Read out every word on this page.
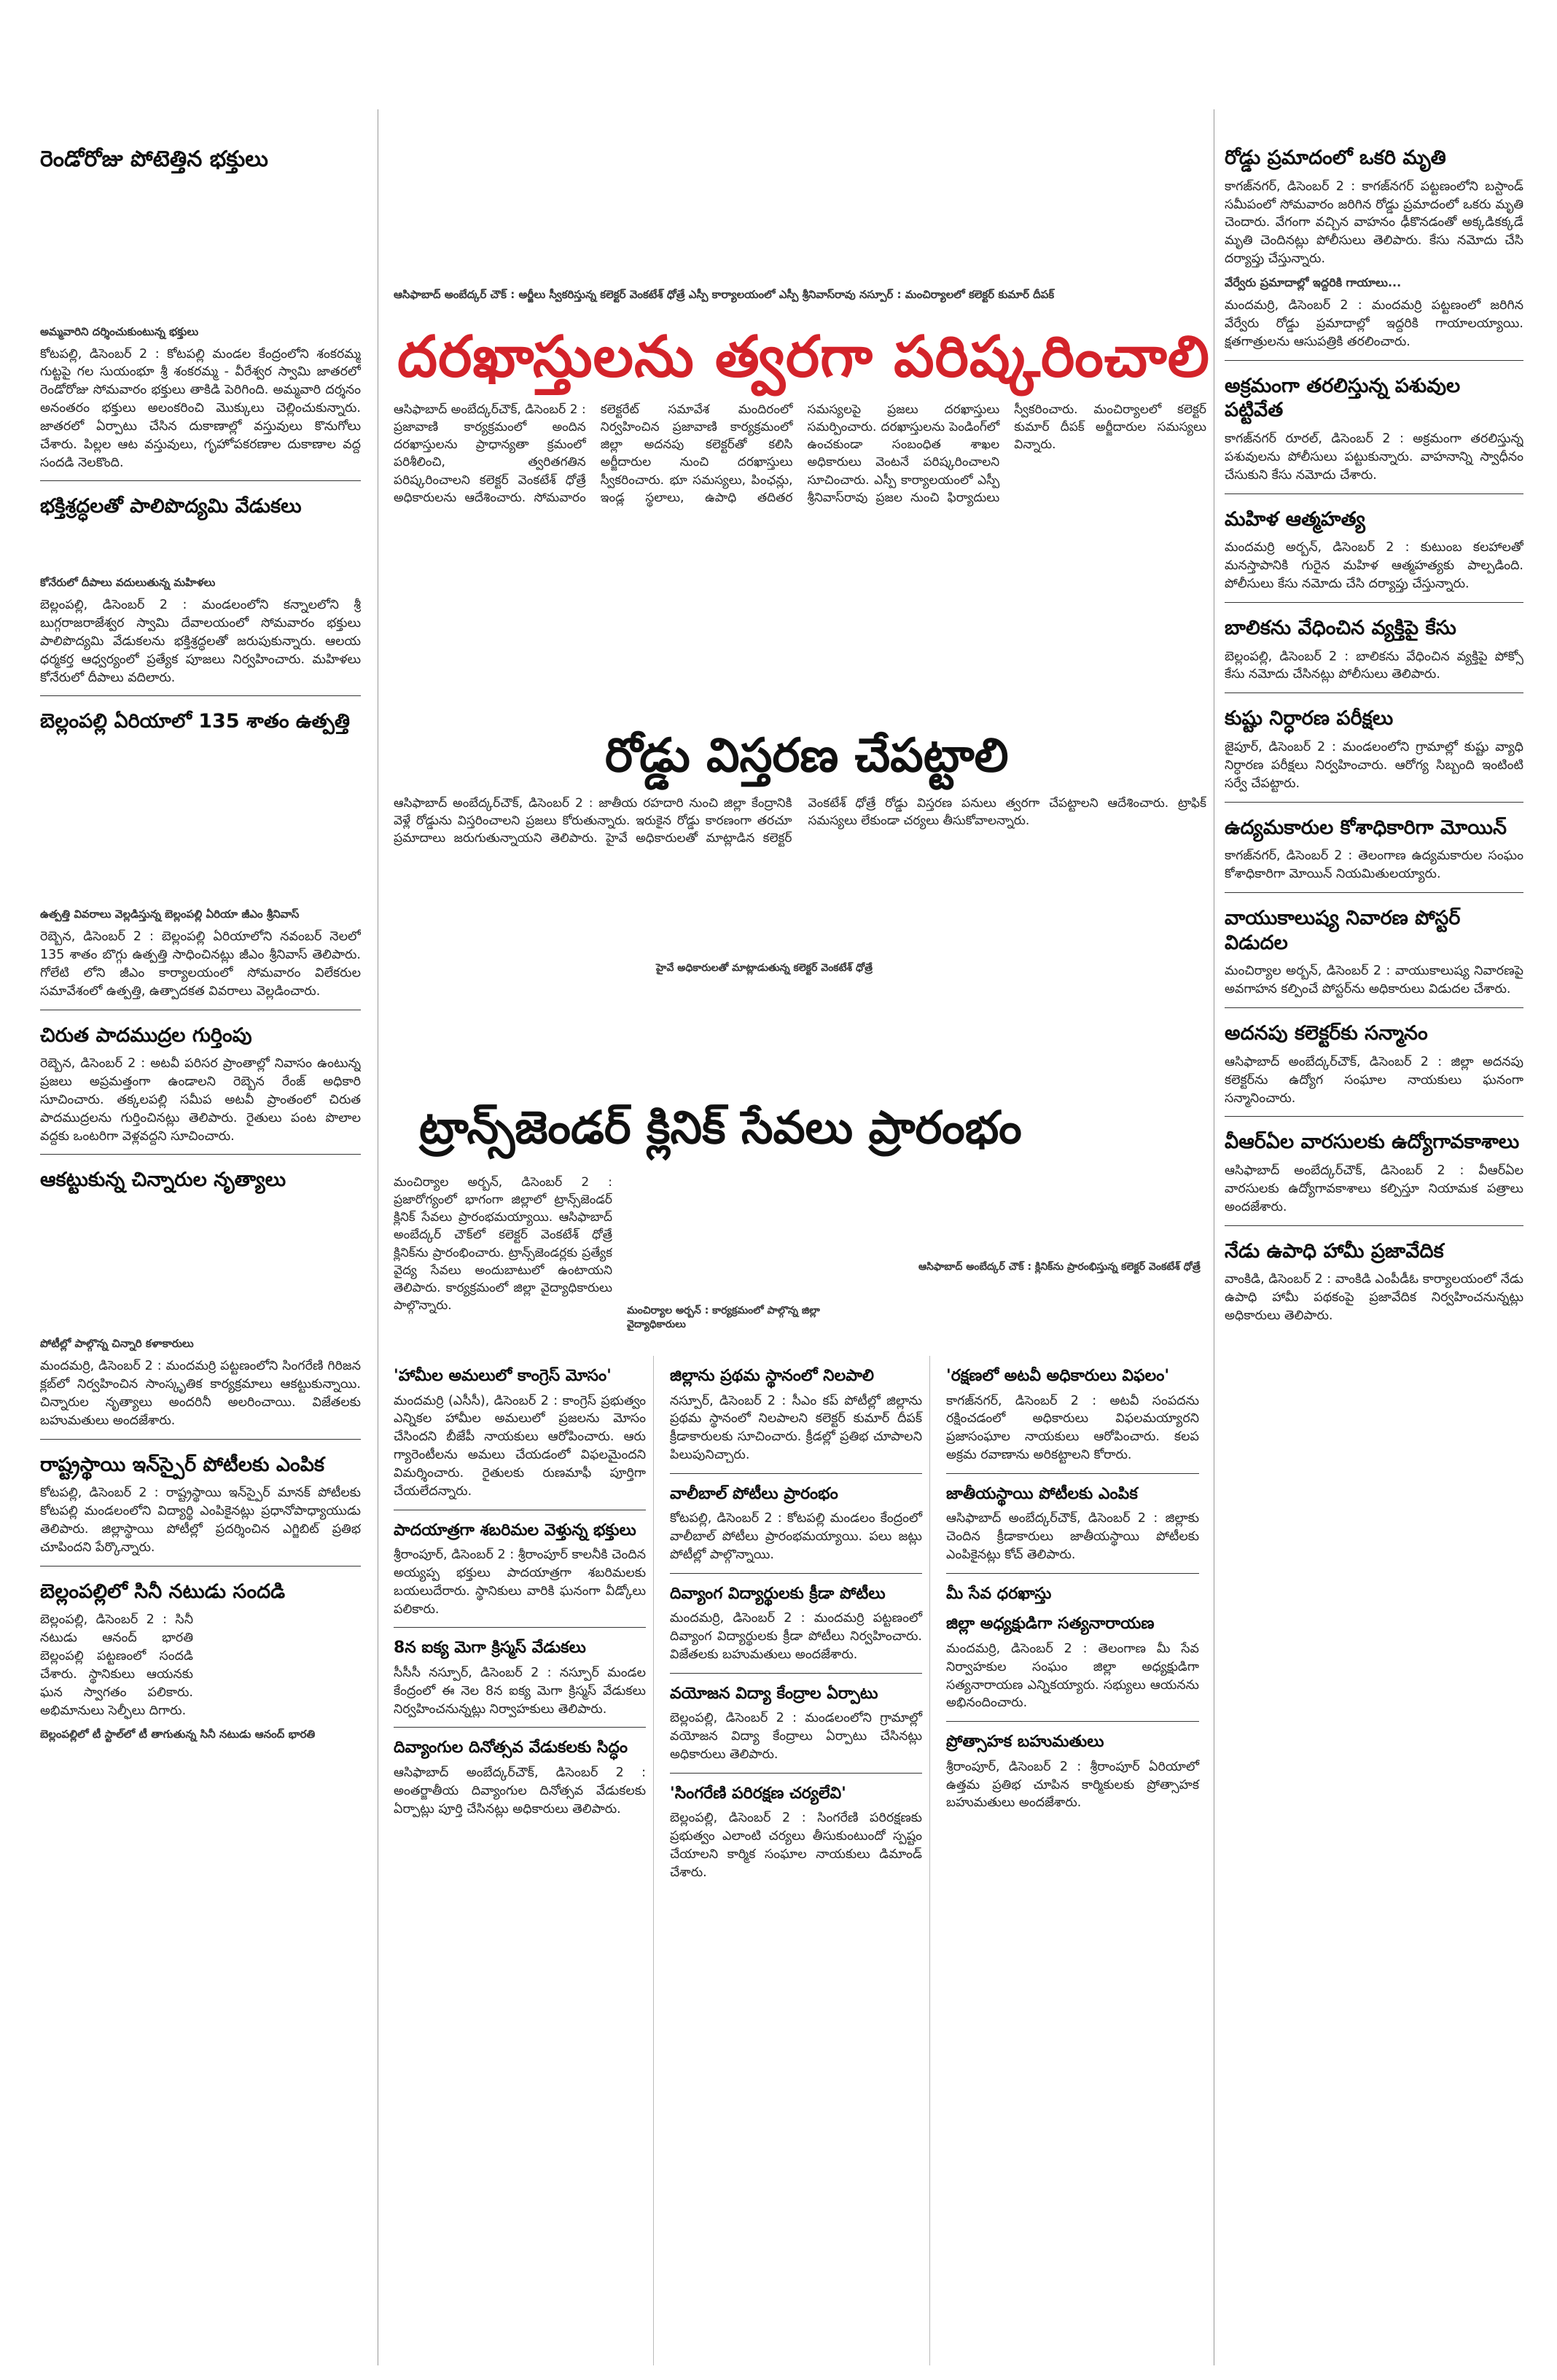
రెండోరోజు పోటెత్తిన భక్తులు
అమ్మవారిని దర్శించుకుంటున్న భక్తులు

కోటపల్లి, డిసెంబర్ 2 : కోటపల్లి మండల కేంద్రంలోని శంకరమ్మ గుట్టపై గల సుయంభూ శ్రీ శంకరమ్మ - వీరేశ్వర స్వామి జాతరలో రెండోరోజు సోమవారం భక్తులు తాకిడి పెరిగింది. అమ్మవారి దర్శనం అనంతరం భక్తులు అలంకరించి మొక్కులు చెల్లించుకున్నారు. జాతరలో ఏర్పాటు చేసిన దుకాణాల్లో వస్తువులు కొనుగోలు చేశారు. పిల్లల ఆట వస్తువులు, గృహోపకరణాల దుకాణాల వద్ద సందడి నెలకొంది.

భక్తిశ్రద్ధలతో పాలిపొద్యమి వేడుకలు
కోనేరులో దీపాలు వదులుతున్న మహిళలు

బెల్లంపల్లి, డిసెంబర్ 2 : మండలంలోని కన్నాలలోని శ్రీ బుగ్గరాజరాజేశ్వర స్వామి దేవాలయంలో సోమవారం భక్తులు పాలిపొద్యమి వేడుకలను భక్తిశ్రద్ధలతో జరుపుకున్నారు. ఆలయ ధర్మకర్త ఆధ్వర్యంలో ప్రత్యేక పూజలు నిర్వహించారు. మహిళలు కోనేరులో దీపాలు వదిలారు.

బెల్లంపల్లి ఏరియాలో 135 శాతం ఉత్పత్తి
ఉత్పత్తి వివరాలు వెల్లడిస్తున్న బెల్లంపల్లి ఏరియా జీఎం శ్రీనివాస్

రెబ్బెన, డిసెంబర్ 2 : బెల్లంపల్లి ఏరియాలోని నవంబర్ నెలలో 135 శాతం బొగ్గు ఉత్పత్తి సాధించినట్లు జీఎం శ్రీనివాస్ తెలిపారు. గోలేటి లోని జీఎం కార్యాలయంలో సోమవారం విలేకరుల సమావేశంలో ఉత్పత్తి, ఉత్పాదకత వివరాలు వెల్లడించారు.

చిరుత పాదముద్రల గుర్తింపు

రెబ్బెన, డిసెంబర్ 2 : అటవీ పరిసర ప్రాంతాల్లో నివాసం ఉంటున్న ప్రజలు అప్రమత్తంగా ఉండాలని రెబ్బెన రేంజ్ అధికారి సూచించారు. తక్కలపల్లి సమీప అటవీ ప్రాంతంలో చిరుత పాదముద్రలను గుర్తించినట్లు తెలిపారు. రైతులు పంట పొలాల వద్దకు ఒంటరిగా వెళ్లవద్దని సూచించారు.

ఆకట్టుకున్న చిన్నారుల నృత్యాలు
పోటీల్లో పాల్గొన్న చిన్నారి కళాకారులు

మందమర్రి, డిసెంబర్ 2 : మందమర్రి పట్టణంలోని సింగరేణి గిరిజన క్లబ్‌లో నిర్వహించిన సాంస్కృతిక కార్యక్రమాలు ఆకట్టుకున్నాయి. చిన్నారుల నృత్యాలు అందరినీ అలరించాయి. విజేతలకు బహుమతులు అందజేశారు.

రాష్ట్రస్థాయి ఇన్‌స్పైర్ పోటీలకు ఎంపిక

కోటపల్లి, డిసెంబర్ 2 : రాష్ట్రస్థాయి ఇన్‌స్పైర్ మానక్ పోటీలకు కోటపల్లి మండలంలోని విద్యార్థి ఎంపికైనట్లు ప్రధానోపాధ్యాయుడు తెలిపారు. జిల్లాస్థాయి పోటీల్లో ప్రదర్శించిన ఎగ్జిబిట్ ప్రతిభ చూపిందని పేర్కొన్నారు.

బెల్లంపల్లిలో సినీ నటుడు సందడి

బెల్లంపల్లి, డిసెంబర్ 2 : సినీ నటుడు ఆనంద్ భారతి బెల్లంపల్లి పట్టణంలో సందడి చేశారు. స్థానికులు ఆయనకు ఘన స్వాగతం పలికారు. అభిమానులు సెల్ఫీలు దిగారు.

బెల్లంపల్లిలో టీ స్టాల్‌లో టీ తాగుతున్న సినీ నటుడు ఆనంద్ భారతి
ఆసిఫాబాద్ అంబేద్కర్ చౌక్ : అర్జీలు స్వీకరిస్తున్న కలెక్టర్ వెంకటేశ్ ధోత్రే ఎస్పీ కార్యాలయంలో ఎస్పీ శ్రీనివాస్‌రావు నస్పూర్ : మంచిర్యాలలో కలెక్టర్ కుమార్ దీపక్
దరఖాస్తులను త్వరగా పరిష్కరించాలి
ఆసిఫాబాద్ అంబేద్కర్‌చౌక్, డిసెంబర్ 2 : ప్రజావాణి కార్యక్రమంలో అందిన దరఖాస్తులను ప్రాధాన్యతా క్రమంలో పరిశీలించి, త్వరితగతిన పరిష్కరించాలని కలెక్టర్ వెంకటేశ్ ధోత్రే అధికారులను ఆదేశించారు. సోమవారం కలెక్టరేట్ సమావేశ మందిరంలో నిర్వహించిన ప్రజావాణి కార్యక్రమంలో జిల్లా అదనపు కలెక్టర్‌తో కలిసి అర్జీదారుల నుంచి దరఖాస్తులు స్వీకరించారు. భూ సమస్యలు, పింఛన్లు, ఇండ్ల స్థలాలు, ఉపాధి తదితర సమస్యలపై ప్రజలు దరఖాస్తులు సమర్పించారు. దరఖాస్తులను పెండింగ్‌లో ఉంచకుండా సంబంధిత శాఖల అధికారులు వెంటనే పరిష్కరించాలని సూచించారు. ఎస్పీ కార్యాలయంలో ఎస్పీ శ్రీనివాస్‌రావు ప్రజల నుంచి ఫిర్యాదులు స్వీకరించారు. మంచిర్యాలలో కలెక్టర్ కుమార్ దీపక్ అర్జీదారుల సమస్యలు విన్నారు.
రోడ్డు విస్తరణ చేపట్టాలి
ఆసిఫాబాద్ అంబేద్కర్‌చౌక్, డిసెంబర్ 2 : జాతీయ రహదారి నుంచి జిల్లా కేంద్రానికి వెళ్లే రోడ్డును విస్తరించాలని ప్రజలు కోరుతున్నారు. ఇరుకైన రోడ్డు కారణంగా తరచూ ప్రమాదాలు జరుగుతున్నాయని తెలిపారు. హైవే అధికారులతో మాట్లాడిన కలెక్టర్ వెంకటేశ్ ధోత్రే రోడ్డు విస్తరణ పనులు త్వరగా చేపట్టాలని ఆదేశించారు. ట్రాఫిక్ సమస్యలు లేకుండా చర్యలు తీసుకోవాలన్నారు.
హైవే అధికారులతో మాట్లాడుతున్న కలెక్టర్ వెంకటేశ్ ధోత్రే
ట్రాన్స్‌జెండర్ క్లినిక్ సేవలు ప్రారంభం
మంచిర్యాల అర్బన్, డిసెంబర్ 2 : ప్రజారోగ్యంలో భాగంగా జిల్లాలో ట్రాన్స్‌జెండర్ క్లినిక్ సేవలు ప్రారంభమయ్యాయి. ఆసిఫాబాద్ అంబేద్కర్ చౌక్‌లో కలెక్టర్ వెంకటేశ్ ధోత్రే క్లినిక్‌ను ప్రారంభించారు. ట్రాన్స్‌జెండర్లకు ప్రత్యేక వైద్య సేవలు అందుబాటులో ఉంటాయని తెలిపారు. కార్యక్రమంలో జిల్లా వైద్యాధికారులు పాల్గొన్నారు.	మంచిర్యాల అర్బన్ : కార్యక్రమంలో పాల్గొన్న జిల్లా వైద్యాధికారులు
ఆసిఫాబాద్ అంబేద్కర్ చౌక్ : క్లినిక్‌ను ప్రారంభిస్తున్న కలెక్టర్ వెంకటేశ్ ధోత్రే
'హామీల అమలులో కాంగ్రెస్ మోసం'

మందమర్రి (ఎసీసీ), డిసెంబర్ 2 : కాంగ్రెస్ ప్రభుత్వం ఎన్నికల హామీల అమలులో ప్రజలను మోసం చేసిందని బీజేపీ నాయకులు ఆరోపించారు. ఆరు గ్యారెంటీలను అమలు చేయడంలో విఫలమైందని విమర్శించారు. రైతులకు రుణమాఫీ పూర్తిగా చేయలేదన్నారు.

పాదయాత్రగా శబరిమల వెళ్తున్న భక్తులు

శ్రీరాంపూర్, డిసెంబర్ 2 : శ్రీరాంపూర్ కాలనీకి చెందిన అయ్యప్ప భక్తులు పాదయాత్రగా శబరిమలకు బయలుదేరారు. స్థానికులు వారికి ఘనంగా వీడ్కోలు పలికారు.

8న ఐక్య మెగా క్రిస్మస్ వేడుకలు

సీసీసీ నస్పూర్, డిసెంబర్ 2 : నస్పూర్ మండల కేంద్రంలో ఈ నెల 8న ఐక్య మెగా క్రిస్మస్ వేడుకలు నిర్వహించనున్నట్లు నిర్వాహకులు తెలిపారు.

దివ్యాంగుల దినోత్సవ వేడుకలకు సిద్ధం

ఆసిఫాబాద్ అంబేద్కర్‌చౌక్, డిసెంబర్ 2 : అంతర్జాతీయ దివ్యాంగుల దినోత్సవ వేడుకలకు ఏర్పాట్లు పూర్తి చేసినట్లు అధికారులు తెలిపారు.

జిల్లాను ప్రథమ స్థానంలో నిలపాలి

నస్పూర్, డిసెంబర్ 2 : సీఎం కప్ పోటీల్లో జిల్లాను ప్రథమ స్థానంలో నిలపాలని కలెక్టర్ కుమార్ దీపక్ క్రీడాకారులకు సూచించారు. క్రీడల్లో ప్రతిభ చూపాలని పిలుపునిచ్చారు.

వాలీబాల్ పోటీలు ప్రారంభం

కోటపల్లి, డిసెంబర్ 2 : కోటపల్లి మండలం కేంద్రంలో వాలీబాల్ పోటీలు ప్రారంభమయ్యాయి. పలు జట్లు పోటీల్లో పాల్గొన్నాయి.

దివ్యాంగ విద్యార్థులకు క్రీడా పోటీలు

మందమర్రి, డిసెంబర్ 2 : మందమర్రి పట్టణంలో దివ్యాంగ విద్యార్థులకు క్రీడా పోటీలు నిర్వహించారు. విజేతలకు బహుమతులు అందజేశారు.

వయోజన విద్యా కేంద్రాల ఏర్పాటు

బెల్లంపల్లి, డిసెంబర్ 2 : మండలంలోని గ్రామాల్లో వయోజన విద్యా కేంద్రాలు ఏర్పాటు చేసినట్లు అధికారులు తెలిపారు.

'సింగరేణి పరిరక్షణ చర్యలేవి'

బెల్లంపల్లి, డిసెంబర్ 2 : సింగరేణి పరిరక్షణకు ప్రభుత్వం ఎలాంటి చర్యలు తీసుకుంటుందో స్పష్టం చేయాలని కార్మిక సంఘాల నాయకులు డిమాండ్ చేశారు.

'రక్షణలో అటవీ అధికారులు విఫలం'

కాగజ్‌నగర్, డిసెంబర్ 2 : అటవీ సంపదను రక్షించడంలో అధికారులు విఫలమయ్యారని ప్రజాసంఘాల నాయకులు ఆరోపించారు. కలప అక్రమ రవాణాను అరికట్టాలని కోరారు.

జాతీయస్థాయి పోటీలకు ఎంపిక

ఆసిఫాబాద్ అంబేద్కర్‌చౌక్, డిసెంబర్ 2 : జిల్లాకు చెందిన క్రీడాకారులు జాతీయస్థాయి పోటీలకు ఎంపికైనట్లు కోచ్ తెలిపారు.

మీ సేవ ధరఖాస్తు
జిల్లా అధ్యక్షుడిగా సత్యనారాయణ

మందమర్రి, డిసెంబర్ 2 : తెలంగాణ మీ సేవ నిర్వాహకుల సంఘం జిల్లా అధ్యక్షుడిగా సత్యనారాయణ ఎన్నికయ్యారు. సభ్యులు ఆయనను అభినందించారు.

ప్రోత్సాహక బహుమతులు

శ్రీరాంపూర్, డిసెంబర్ 2 : శ్రీరాంపూర్ ఏరియాలో ఉత్తమ ప్రతిభ చూపిన కార్మికులకు ప్రోత్సాహక బహుమతులు అందజేశారు.

రోడ్డు ప్రమాదంలో ఒకరి మృతి

కాగజ్‌నగర్, డిసెంబర్ 2 : కాగజ్‌నగర్ పట్టణంలోని బస్టాండ్ సమీపంలో సోమవారం జరిగిన రోడ్డు ప్రమాదంలో ఒకరు మృతి చెందారు. వేగంగా వచ్చిన వాహనం ఢీకొనడంతో అక్కడికక్కడే మృతి చెందినట్లు పోలీసులు తెలిపారు. కేసు నమోదు చేసి దర్యాప్తు చేస్తున్నారు.

వేర్వేరు ప్రమాదాల్లో ఇద్దరికి గాయాలు...

మందమర్రి, డిసెంబర్ 2 : మందమర్రి పట్టణంలో జరిగిన వేర్వేరు రోడ్డు ప్రమాదాల్లో ఇద్దరికి గాయాలయ్యాయి. క్షతగాత్రులను ఆసుపత్రికి తరలించారు.

అక్రమంగా తరలిస్తున్న పశువుల పట్టివేత

కాగజ్‌నగర్ రూరల్, డిసెంబర్ 2 : అక్రమంగా తరలిస్తున్న పశువులను పోలీసులు పట్టుకున్నారు. వాహనాన్ని స్వాధీనం చేసుకుని కేసు నమోదు చేశారు.

మహిళ ఆత్మహత్య

మందమర్రి అర్బన్, డిసెంబర్ 2 : కుటుంబ కలహాలతో మనస్తాపానికి గురైన మహిళ ఆత్మహత్యకు పాల్పడింది. పోలీసులు కేసు నమోదు చేసి దర్యాప్తు చేస్తున్నారు.

బాలికను వేధించిన వ్యక్తిపై కేసు

బెల్లంపల్లి, డిసెంబర్ 2 : బాలికను వేధించిన వ్యక్తిపై పోక్సో కేసు నమోదు చేసినట్లు పోలీసులు తెలిపారు.

కుష్టు నిర్ధారణ పరీక్షలు

జైపూర్, డిసెంబర్ 2 : మండలంలోని గ్రామాల్లో కుష్టు వ్యాధి నిర్ధారణ పరీక్షలు నిర్వహించారు. ఆరోగ్య సిబ్బంది ఇంటింటి సర్వే చేపట్టారు.

ఉద్యమకారుల కోశాధికారిగా మోయిన్

కాగజ్‌నగర్, డిసెంబర్ 2 : తెలంగాణ ఉద్యమకారుల సంఘం కోశాధికారిగా మోయిన్ నియమితులయ్యారు.

వాయుకాలుష్య నివారణ పోస్టర్ విడుదల

మంచిర్యాల అర్బన్, డిసెంబర్ 2 : వాయుకాలుష్య నివారణపై అవగాహన కల్పించే పోస్టర్‌ను అధికారులు విడుదల చేశారు.

అదనపు కలెక్టర్‌కు సన్మానం

ఆసిఫాబాద్ అంబేద్కర్‌చౌక్, డిసెంబర్ 2 : జిల్లా అదనపు కలెక్టర్‌ను ఉద్యోగ సంఘాల నాయకులు ఘనంగా సన్మానించారు.

వీఆర్‌ఏల వారసులకు ఉద్యోగావకాశాలు

ఆసిఫాబాద్ అంబేద్కర్‌చౌక్, డిసెంబర్ 2 : వీఆర్‌ఏల వారసులకు ఉద్యోగావకాశాలు కల్పిస్తూ నియామక పత్రాలు అందజేశారు.

నేడు ఉపాధి హామీ ప్రజావేదిక

వాంకిడి, డిసెంబర్ 2 : వాంకిడి ఎంపీడీఓ కార్యాలయంలో నేడు ఉపాధి హామీ పథకంపై ప్రజావేదిక నిర్వహించనున్నట్లు అధికారులు తెలిపారు.
